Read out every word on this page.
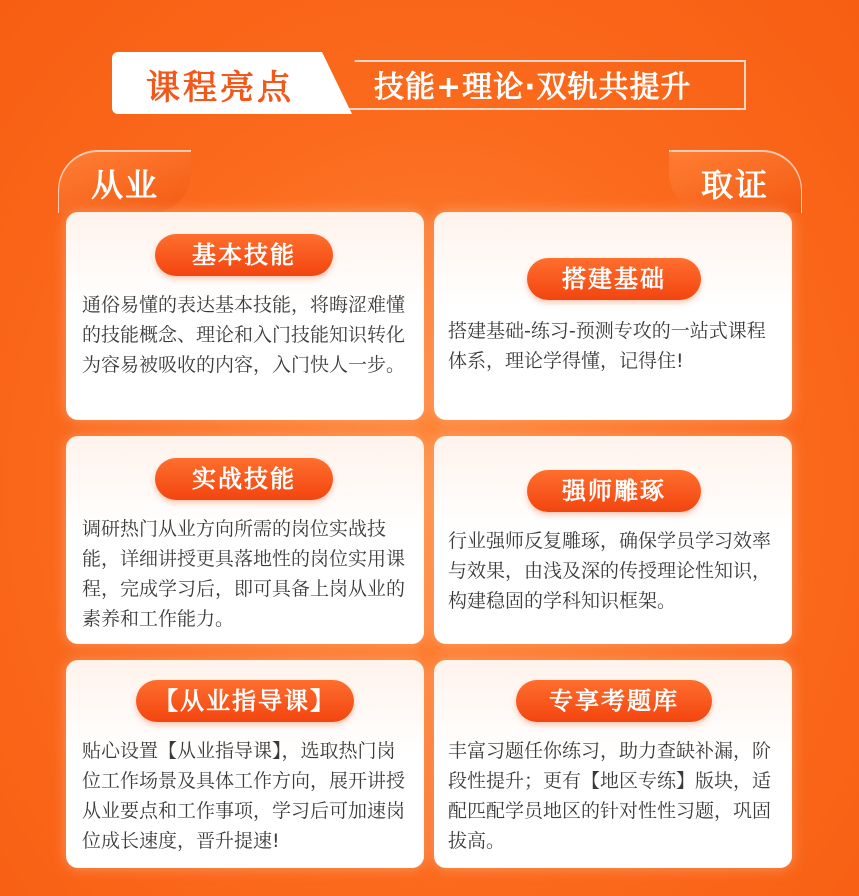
课程亮点	技能+理论·双轨共提升
从业	取证
基本技能
通俗易懂的表达基本技能，将晦涩难懂的技能概念、理论和入门技能知识转化为容易被吸收的内容，入门快人一步。
搭建基础
搭建基础-练习-预测专攻的一站式课程体系，理论学得懂，记得住!
实战技能
调研热门从业方向所需的岗位实战技能，详细讲授更具落地性的岗位实用课程，完成学习后，即可具备上岗从业的素养和工作能力。
强师雕琢
行业强师反复雕琢，确保学员学习效率与效果，由浅及深的传授理论性知识，构建稳固的学科知识框架。
【从业指导课】
贴心设置【从业指导课】，选取热门岗位工作场景及具体工作方向，展开讲授从业要点和工作事项，学习后可加速岗位成长速度，晋升提速!
专享考题库
丰富习题任你练习，助力查缺补漏，阶段性提升；更有【地区专练】版块，适配匹配学员地区的针对性性习题，巩固拔高。
